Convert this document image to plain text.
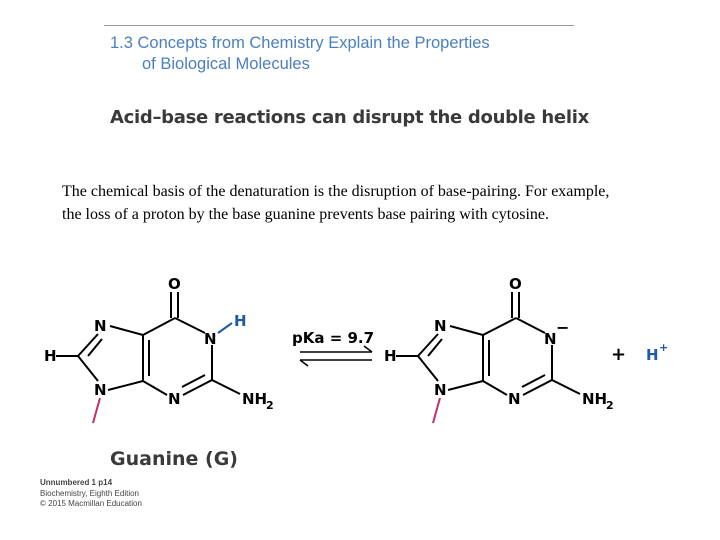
1.3 Concepts from Chemistry Explain the Properties
of Biological Molecules
Acid–base reactions can disrupt the double helix
The chemical basis of the denaturation is the disruption of base-pairing. For example, the loss of a proton by the base guanine prevents base pairing with cytosine.
O
N
H
N
N	N
H
NH
2
pKa = 9.7
O
N
−
N
N	N
H
NH
2
+ H +
Guanine (G)
Unnumbered 1 p14
Biochemistry, Eighth Edition
© 2015 Macmillan Education
